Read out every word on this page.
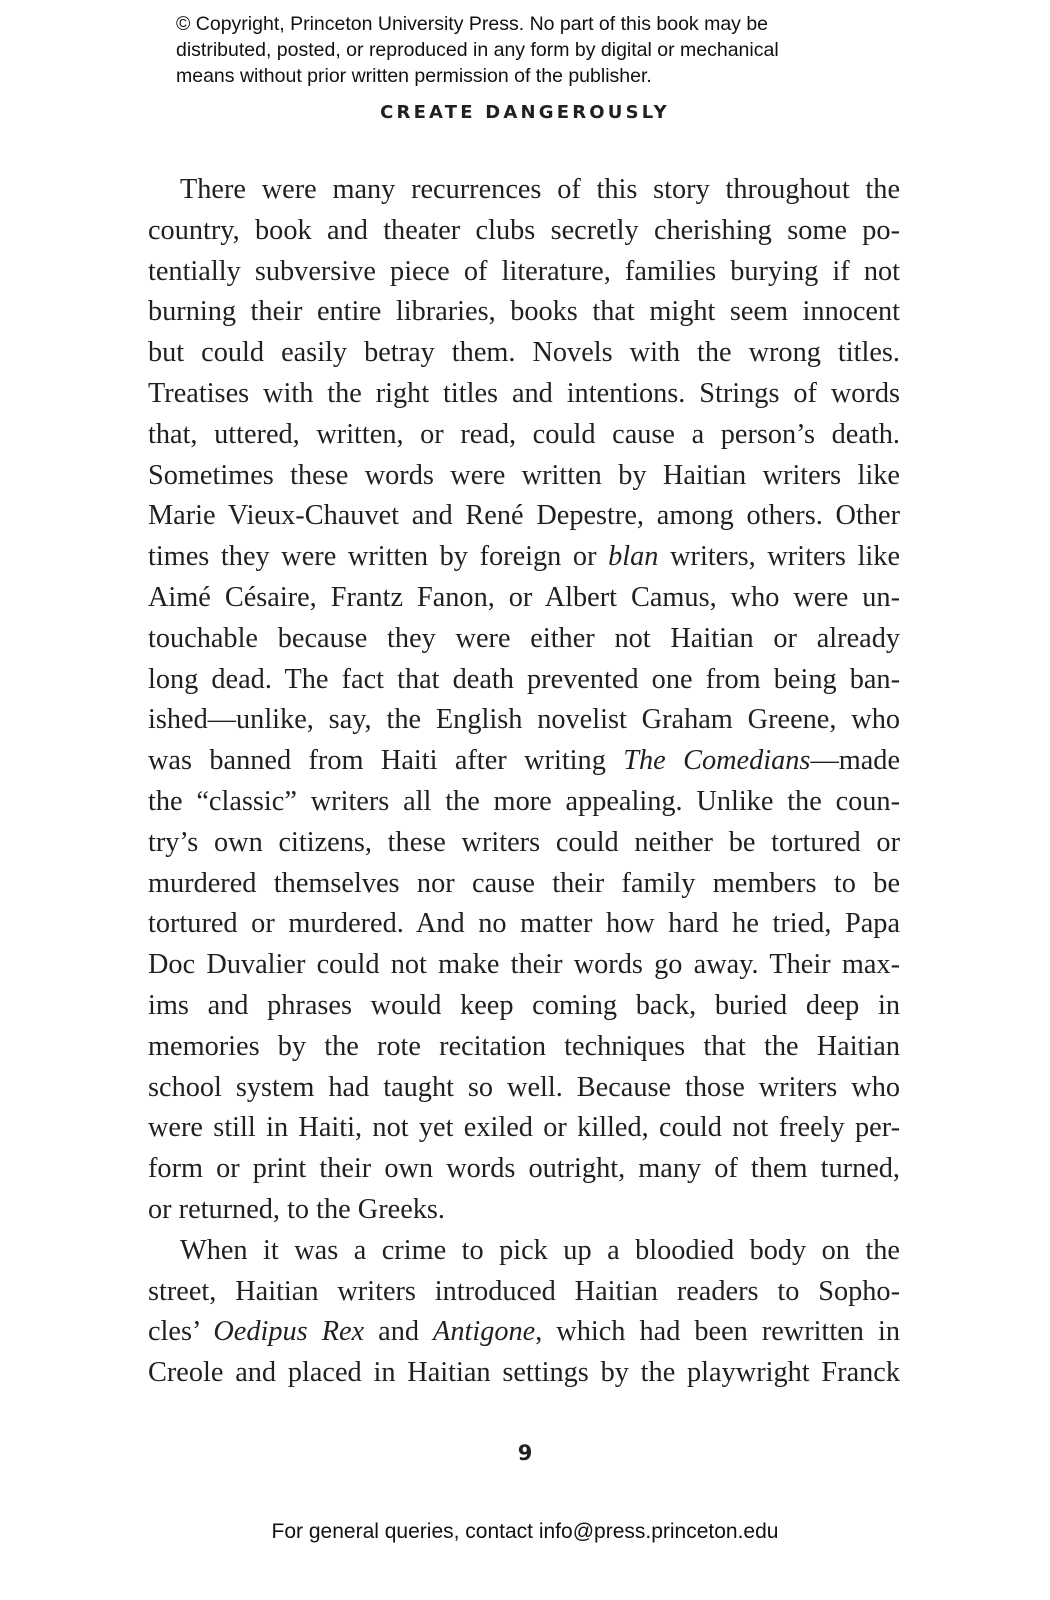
© Copyright, Princeton University Press. No part of this book may be
distributed, posted, or reproduced in any form by digital or mechanical
means without prior written permission of the publisher.
CREATE DANGEROUSLY
There were many recurrences of this story throughout the
country, book and theater clubs secretly cherishing some po-
tentially subversive piece of literature, families burying if not
burning their entire libraries, books that might seem innocent
but could easily betray them. Novels with the wrong titles.
Treatises with the right titles and intentions. Strings of words
that, uttered, written, or read, could cause a person’s death.
Sometimes these words were written by Haitian writers like
Marie Vieux-Chauvet and René Depestre, among others. Other
times they were written by foreign or blan writers, writers like
Aimé Césaire, Frantz Fanon, or Albert Camus, who were un-
touchable because they were either not Haitian or already
long dead. The fact that death prevented one from being ban-
ished—unlike, say, the English novelist Graham Greene, who
was banned from Haiti after writing The Comedians—made
the “classic” writers all the more appealing. Unlike the coun-
try’s own citizens, these writers could neither be tortured or
murdered themselves nor cause their family members to be
tortured or murdered. And no matter how hard he tried, Papa
Doc Duvalier could not make their words go away. Their max-
ims and phrases would keep coming back, buried deep in
memories by the rote recitation techniques that the Haitian
school system had taught so well. Because those writers who
were still in Haiti, not yet exiled or killed, could not freely per-
form or print their own words outright, many of them turned,
or returned, to the Greeks.
When it was a crime to pick up a bloodied body on the
street, Haitian writers introduced Haitian readers to Sopho-
cles’ Oedipus Rex and Antigone, which had been rewritten in
Creole and placed in Haitian settings by the playwright Franck
9
For general queries, contact info@press.princeton.edu
